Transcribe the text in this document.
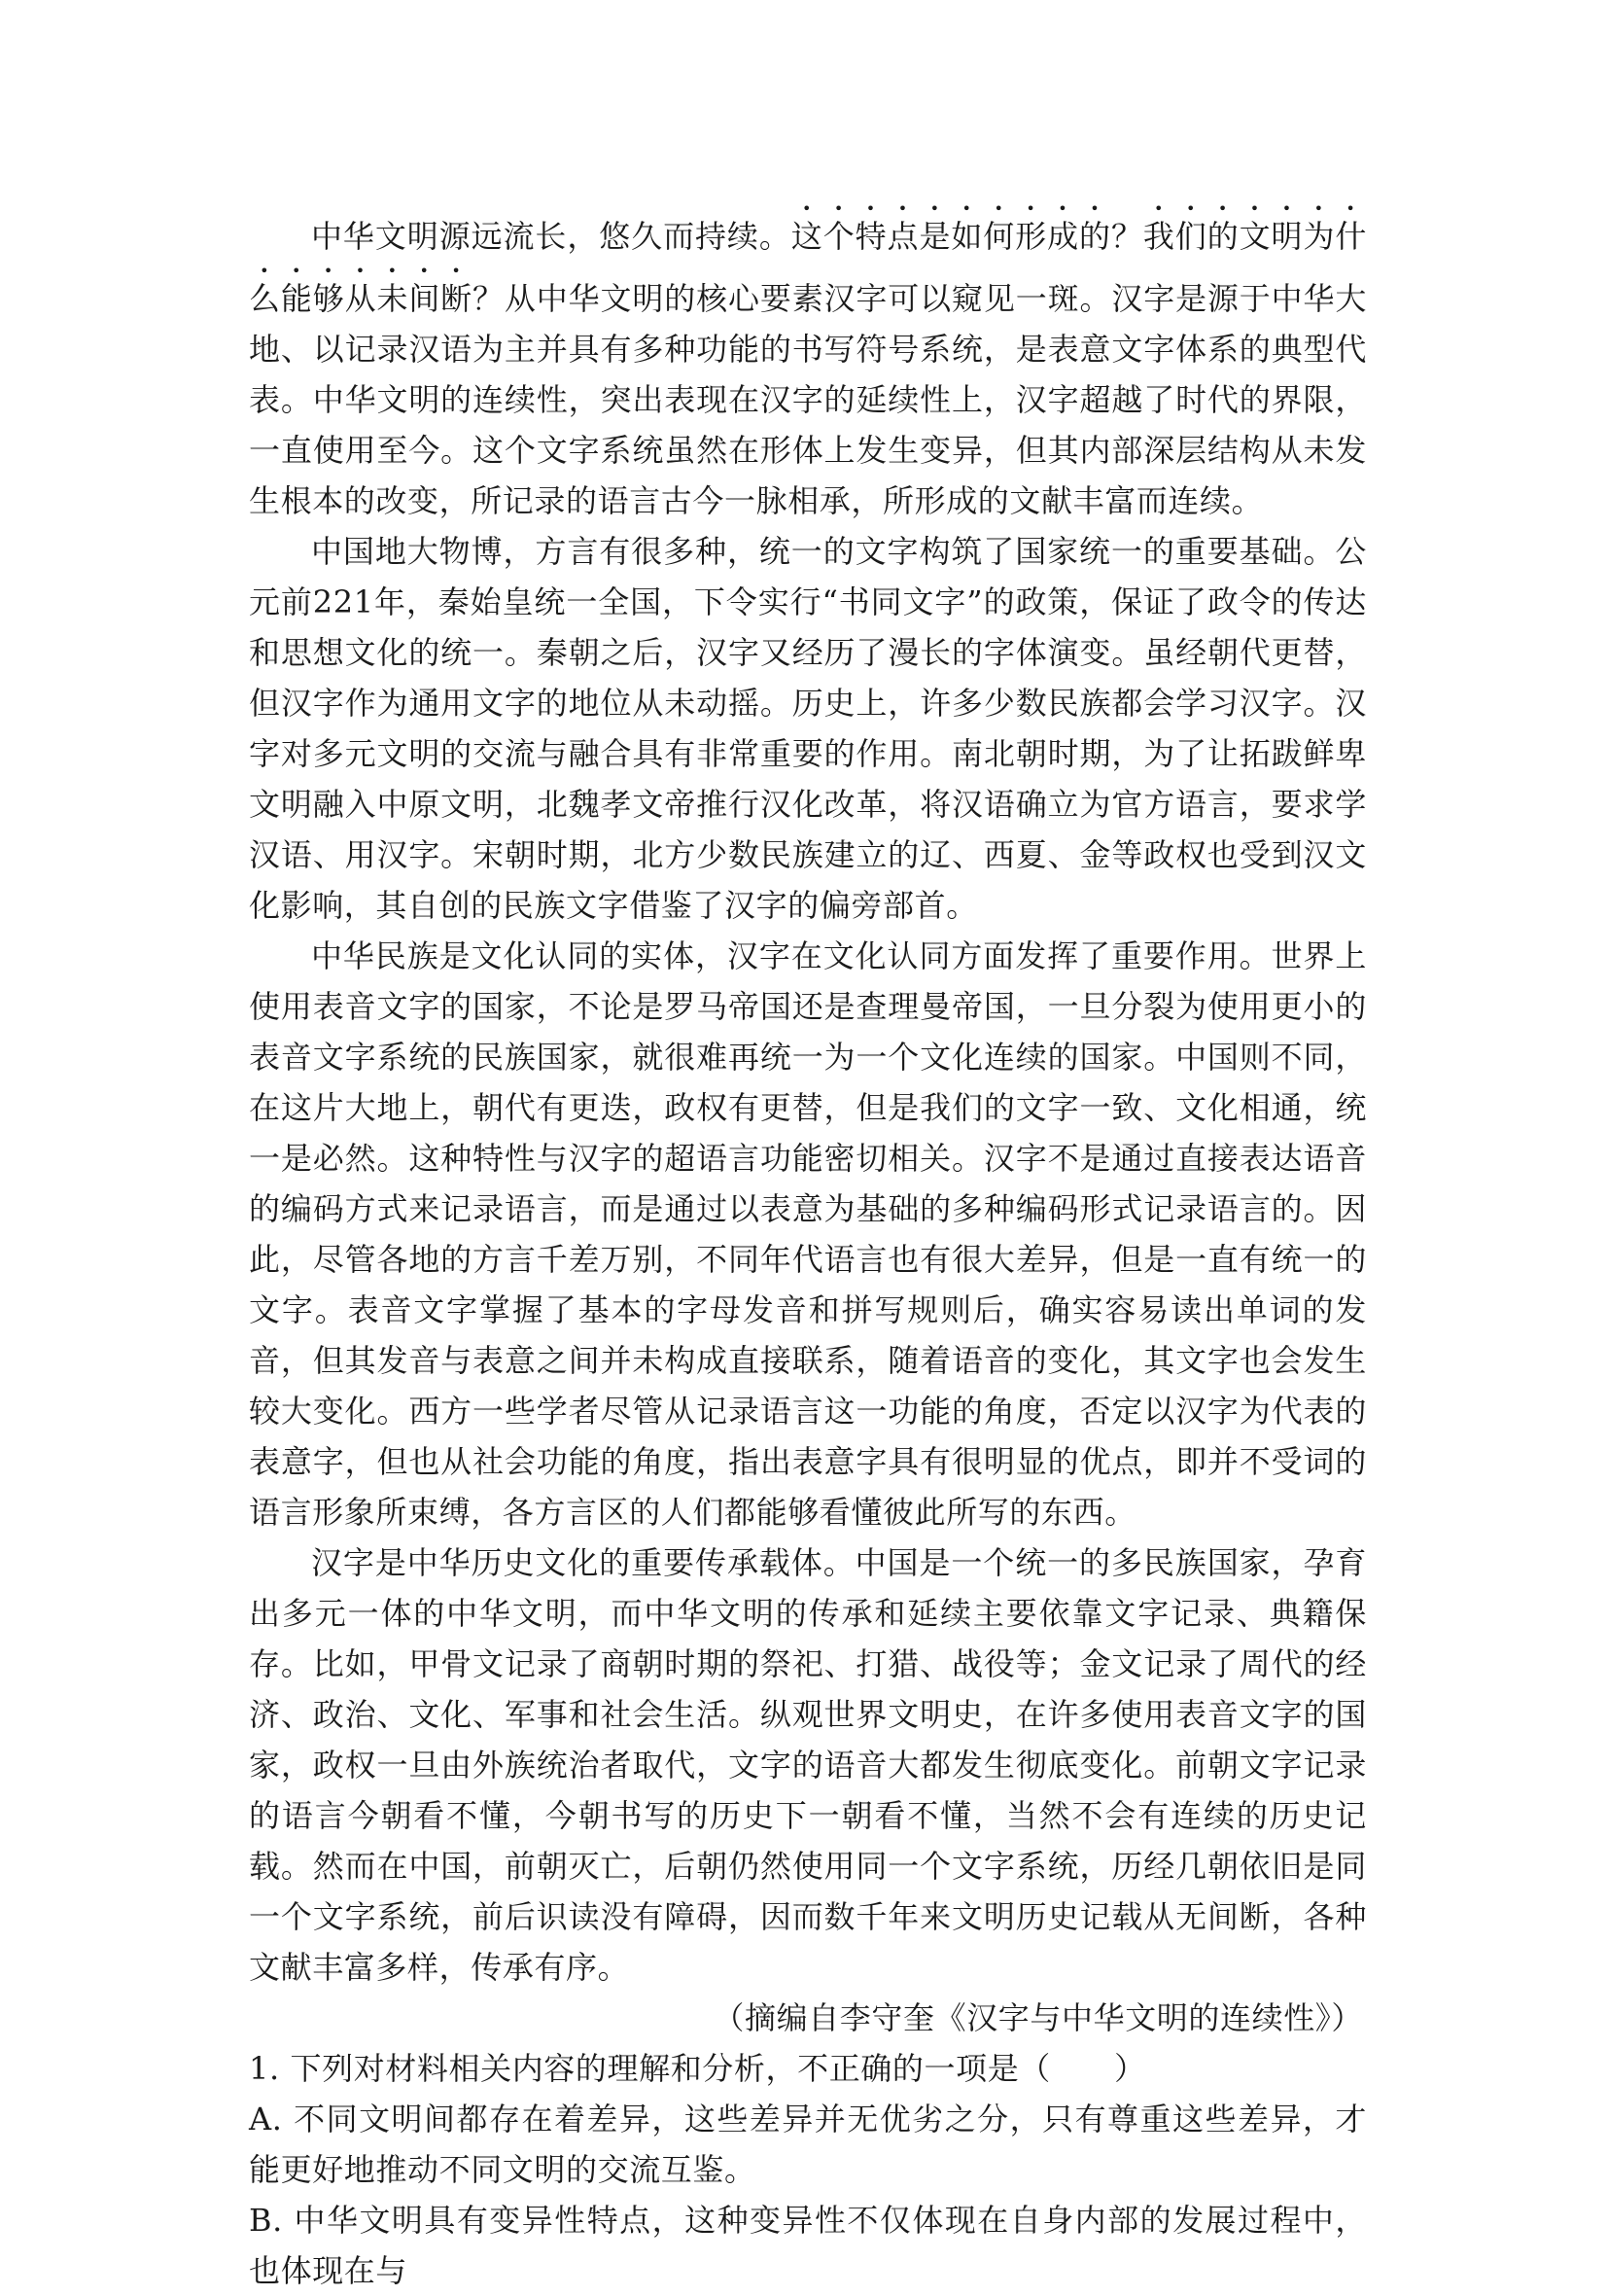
中华文明源远流长，悠久而持续。这个特点是如何形成的？我们的文明为什么能够从未间断？从中华文明的核心要素汉字可以窥见一斑。汉字是源于中华大地、以记录汉语为主并具有多种功能的书写符号系统，是表意文字体系的典型代表。中华文明的连续性，突出表现在汉字的延续性上，汉字超越了时代的界限，一直使用至今。这个文字系统虽然在形体上发生变异，但其内部深层结构从未发生根本的改变，所记录的语言古今一脉相承，所形成的文献丰富而连续。

中国地大物博，方言有很多种，统一的文字构筑了国家统一的重要基础。公元前221年，秦始皇统一全国，下令实行“书同文字”的政策，保证了政令的传达和思想文化的统一。秦朝之后，汉字又经历了漫长的字体演变。虽经朝代更替，但汉字作为通用文字的地位从未动摇。历史上，许多少数民族都会学习汉字。汉字对多元文明的交流与融合具有非常重要的作用。南北朝时期，为了让拓跋鲜卑文明融入中原文明，北魏孝文帝推行汉化改革，将汉语确立为官方语言，要求学汉语、用汉字。宋朝时期，北方少数民族建立的辽、西夏、金等政权也受到汉文化影响，其自创的民族文字借鉴了汉字的偏旁部首。

中华民族是文化认同的实体，汉字在文化认同方面发挥了重要作用。世界上使用表音文字的国家，不论是罗马帝国还是查理曼帝国，一旦分裂为使用更小的表音文字系统的民族国家，就很难再统一为一个文化连续的国家。中国则不同，在这片大地上，朝代有更迭，政权有更替，但是我们的文字一致、文化相通，统一是必然。这种特性与汉字的超语言功能密切相关。汉字不是通过直接表达语音的编码方式来记录语言，而是通过以表意为基础的多种编码形式记录语言的。因此，尽管各地的方言千差万别，不同年代语言也有很大差异，但是一直有统一的文字。表音文字掌握了基本的字母发音和拼写规则后，确实容易读出单词的发音，但其发音与表意之间并未构成直接联系，随着语音的变化，其文字也会发生较大变化。西方一些学者尽管从记录语言这一功能的角度，否定以汉字为代表的表意字，但也从社会功能的角度，指出表意字具有很明显的优点，即并不受词的语言形象所束缚，各方言区的人们都能够看懂彼此所写的东西。

汉字是中华历史文化的重要传承载体。中国是一个统一的多民族国家，孕育出多元一体的中华文明，而中华文明的传承和延续主要依靠文字记录、典籍保存。比如，甲骨文记录了商朝时期的祭祀、打猎、战役等；金文记录了周代的经济、政治、文化、军事和社会生活。纵观世界文明史，在许多使用表音文字的国家，政权一旦由外族统治者取代，文字的语音大都发生彻底变化。前朝文字记录的语言今朝看不懂，今朝书写的历史下一朝看不懂，当然不会有连续的历史记载。然而在中国，前朝灭亡，后朝仍然使用同一个文字系统，历经几朝依旧是同一个文字系统，前后识读没有障碍，因而数千年来文明历史记载从无间断，各种文献丰富多样，传承有序。

（摘编自李守奎《汉字与中华文明的连续性》）

1. 下列对材料相关内容的理解和分析，不正确的一项是（　　）

A. 不同文明间都存在着差异，这些差异并无优劣之分，只有尊重这些差异，才能更好地推动不同文明的交流互鉴。

B. 中华文明具有变异性特点，这种变异性不仅体现在自身内部的发展过程中，也体现在与
